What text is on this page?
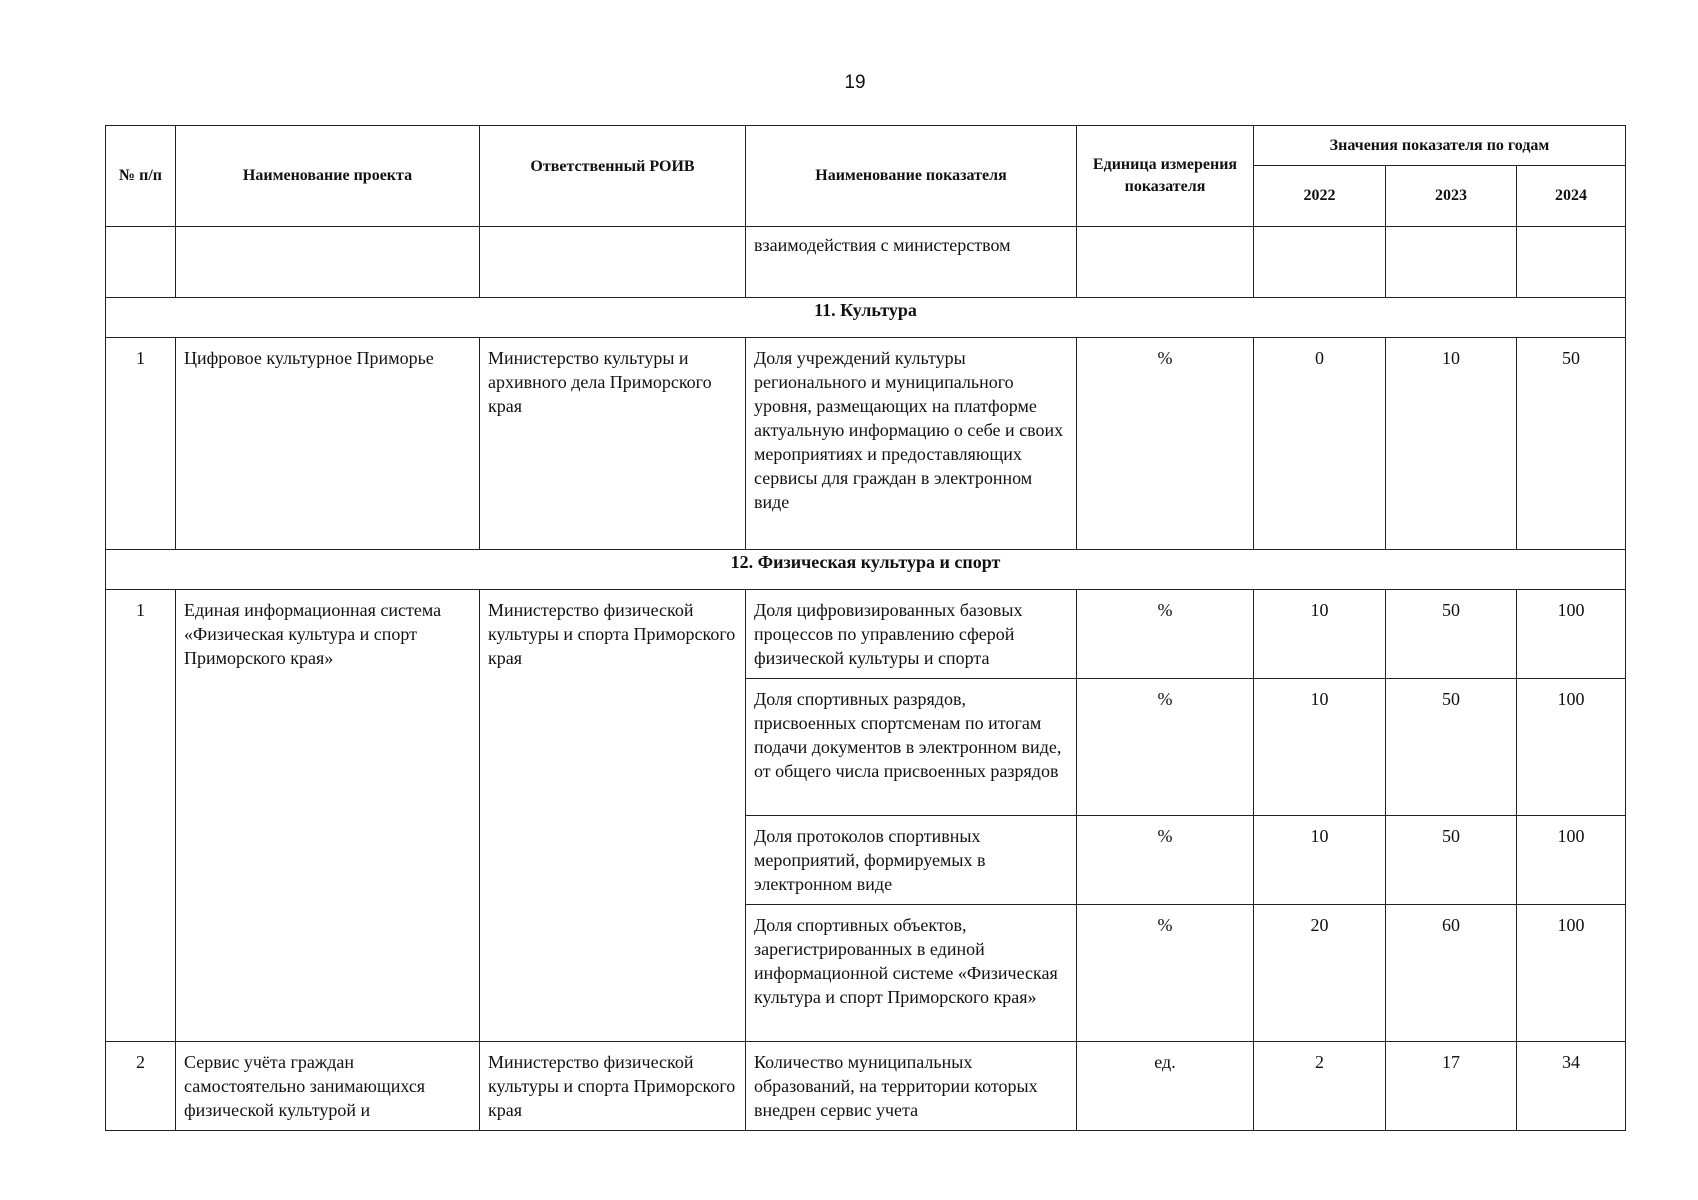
19
№ п/п	Наименование проекта	Ответственный РОИВ	Наименование показателя	Единица измерения показателя	Значения показателя по годам		
					2022	2023	2024
			взаимодействия с министерством				
11. Культура							
1	Цифровое культурное Приморье	Министерство культуры и архивного дела Приморского края	Доля учреждений культуры регионального и муниципального уровня, размещающих на платформе актуальную информацию о себе и своих мероприятиях и предоставляющих сервисы для граждан в электронном виде	%	0	10	50
12. Физическая культура и спорт							
1	Единая информационная система «Физическая культура и спорт Приморского края»	Министерство физической культуры и спорта Приморского края	Доля цифровизированных базовых процессов по управлению сферой физической культуры и спорта	%	10	50	100
			Доля спортивных разрядов, присвоенных спортсменам по итогам подачи документов в электронном виде, от общего числа присвоенных разрядов	%	10	50	100
			Доля протоколов спортивных мероприятий, формируемых в электронном виде	%	10	50	100
			Доля спортивных объектов, зарегистрированных в единой информационной системе «Физическая культура и спорт Приморского края»	%	20	60	100
2	Сервис учёта граждан самостоятельно занимающихся физической культурой и	Министерство физической культуры и спорта Приморского края	Количество муниципальных образований, на территории которых внедрен сервис учета	ед.	2	17	34
